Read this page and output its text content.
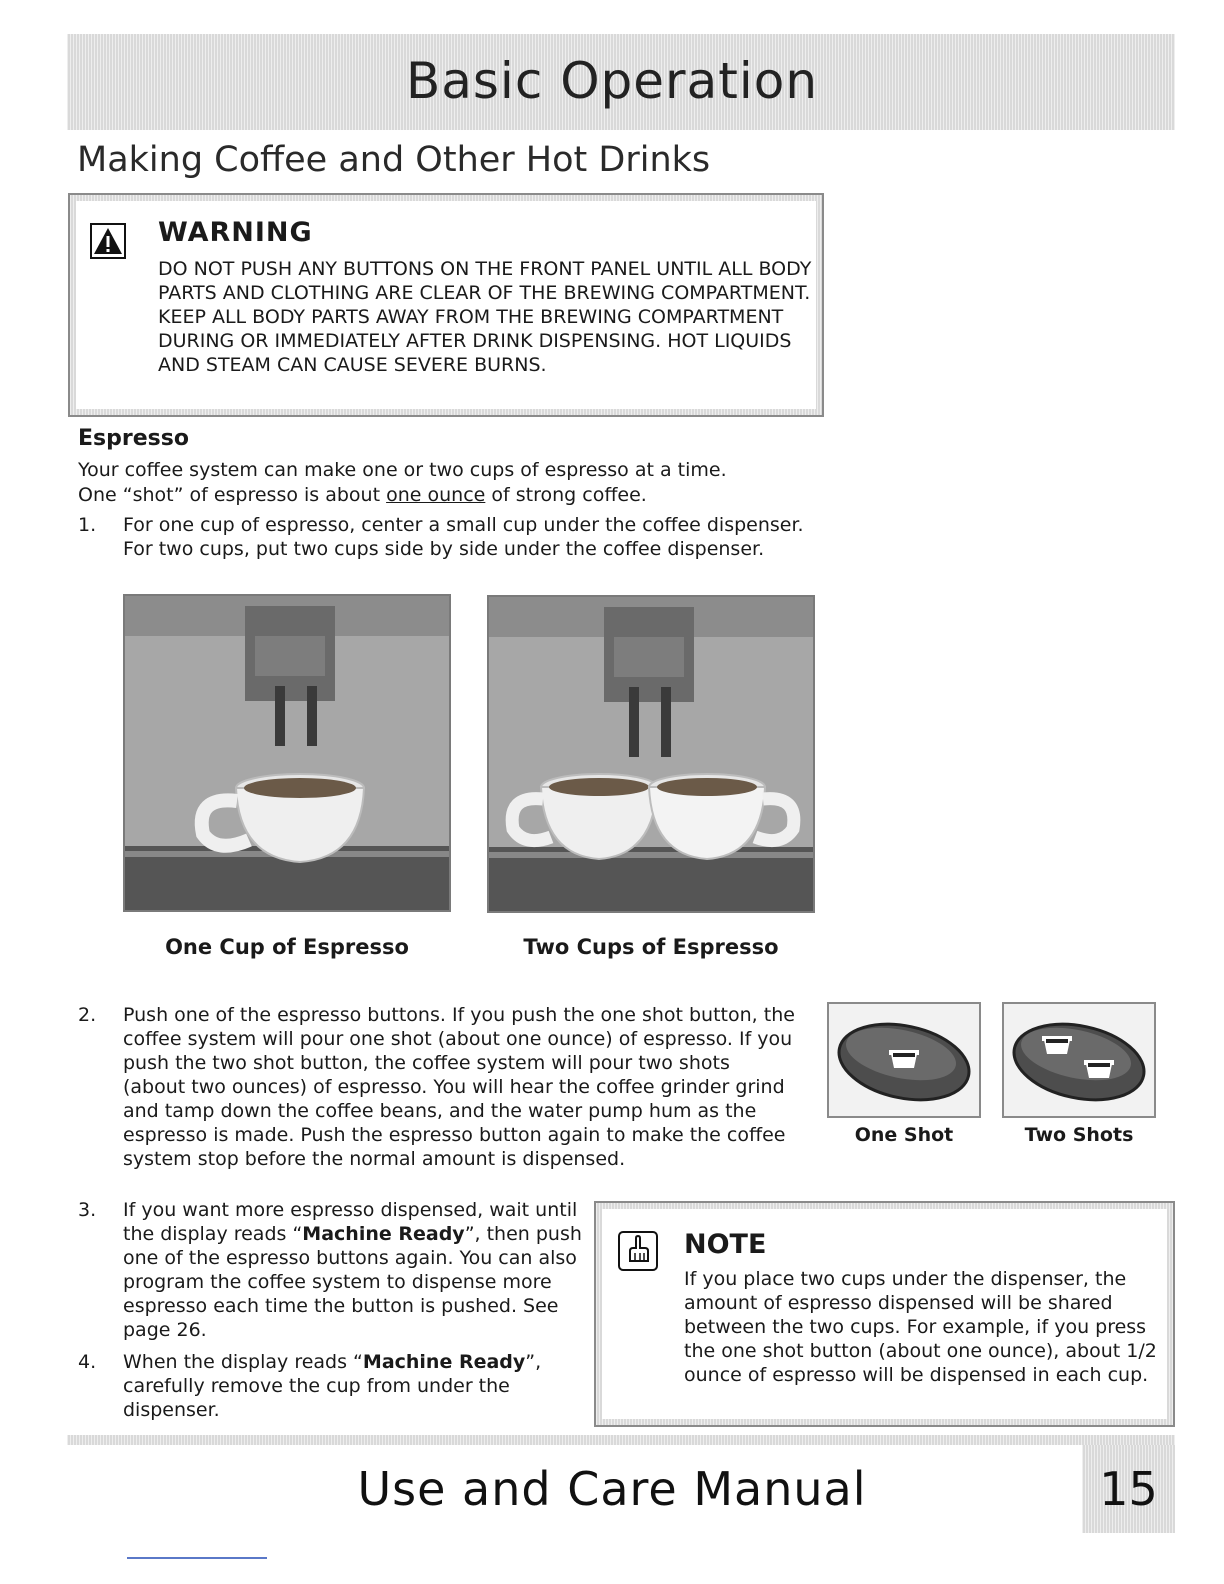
Basic Operation
Making Coffee and Other Hot Drinks
WARNING
DO NOT PUSH ANY BUTTONS ON THE FRONT PANEL UNTIL ALL BODY PARTS AND CLOTHING ARE CLEAR OF THE BREWING COMPARTMENT. KEEP ALL BODY PARTS AWAY FROM THE BREWING COMPARTMENT DURING OR IMMEDIATELY AFTER DRINK DISPENSING. HOT LIQUIDS AND STEAM CAN CAUSE SEVERE BURNS.
Espresso
Your coffee system can make one or two cups of espresso at a time.
One “shot” of espresso is about one ounce of strong coffee.
1. For one cup of espresso, center a small cup under the coffee dispenser. For two cups, put two cups side by side under the coffee dispenser.
One Cup of Espresso	Two Cups of Espresso
2. Push one of the espresso buttons. If you push the one shot button, the coffee system will pour one shot (about one ounce) of espresso. If you push the two shot button, the coffee system will pour two shots (about two ounces) of espresso. You will hear the coffee grinder grind and tamp down the coffee beans, and the water pump hum as the espresso is made. Push the espresso button again to make the coffee system stop before the normal amount is dispensed.
One Shot	Two Shots
3. If you want more espresso dispensed, wait until the display reads “Machine Ready”, then push one of the espresso buttons again. You can also program the coffee system to dispense more espresso each time the button is pushed. See page 26.
4. When the display reads “Machine Ready”, carefully remove the cup from under the dispenser.
NOTE
If you place two cups under the dispenser, the amount of espresso dispensed will be shared between the two cups. For example, if you press the one shot button (about one ounce), about 1/2 ounce of espresso will be dispensed in each cup.
Use and Care Manual	15
